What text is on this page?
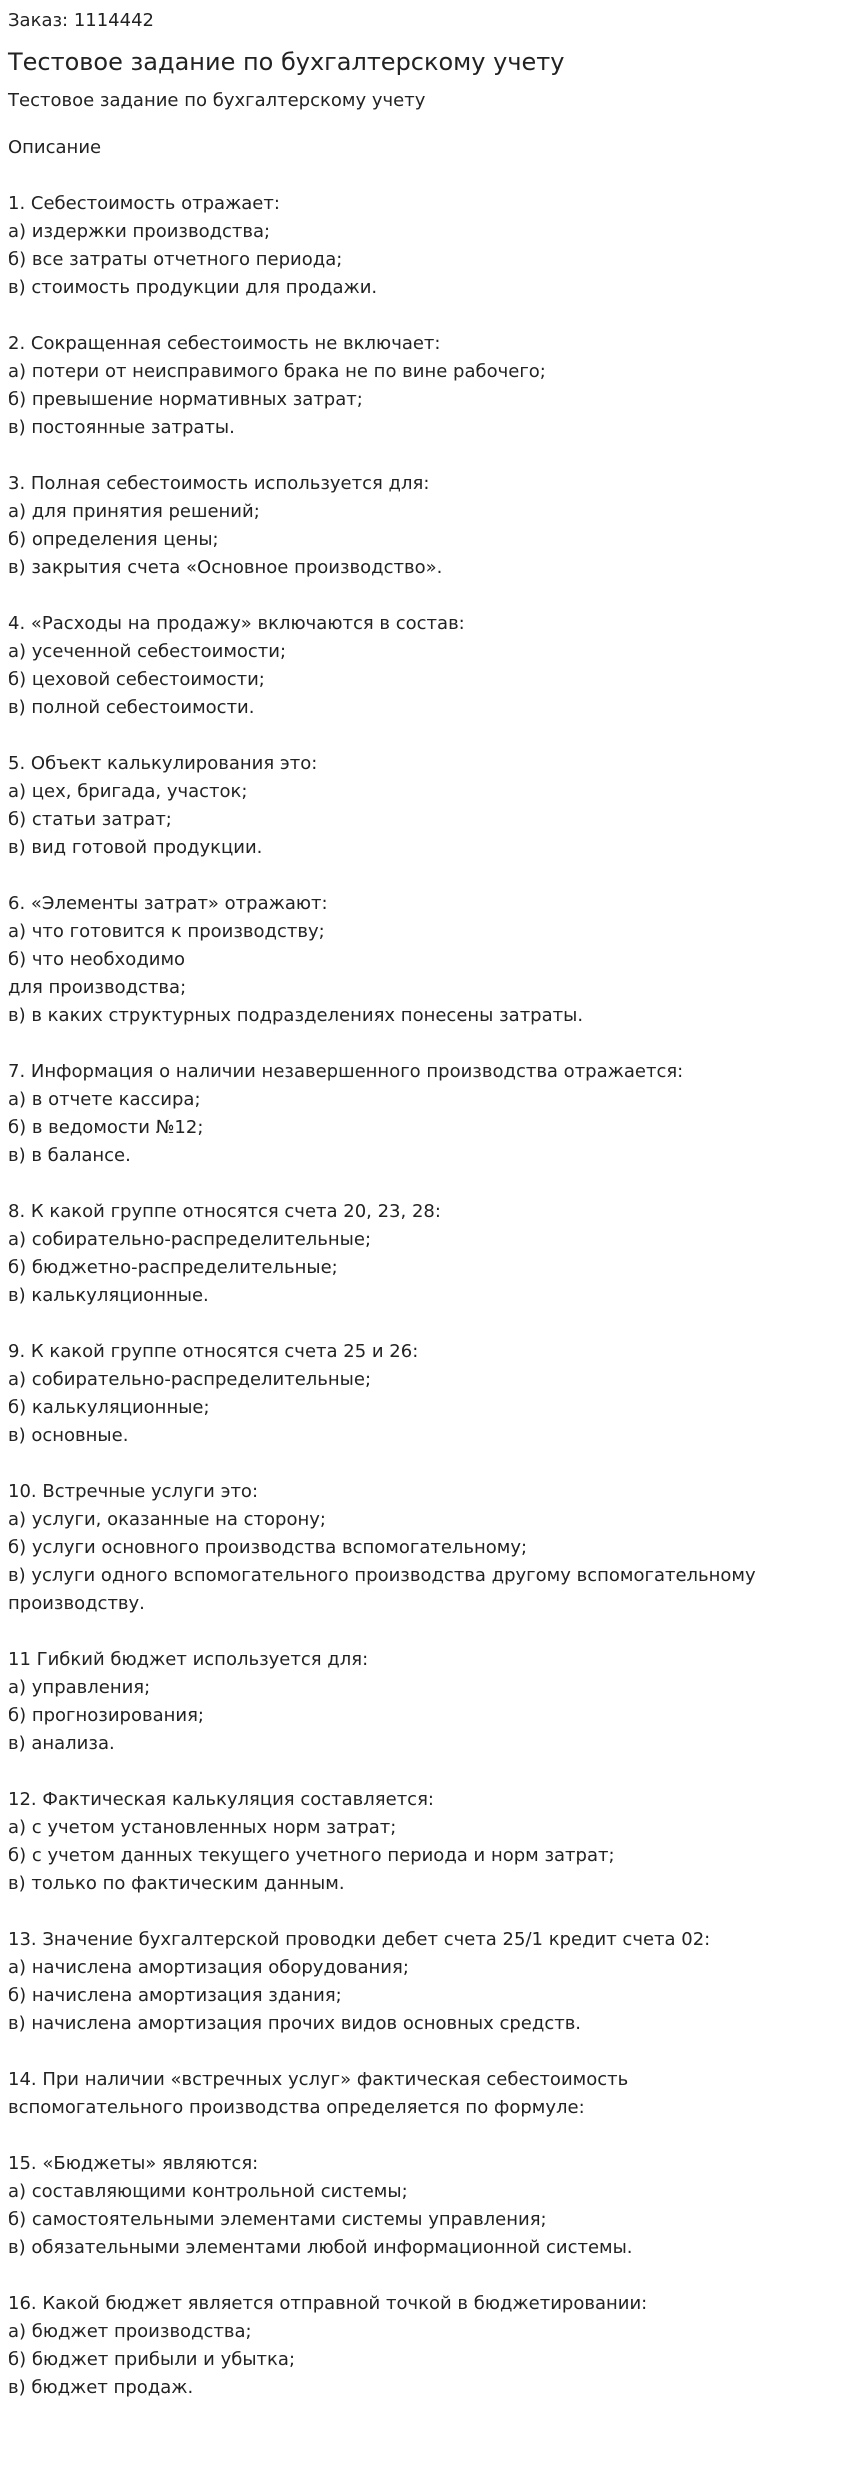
Заказ: 1114442

Тестовое задание по бухгалтерскому учету

Тестовое задание по бухгалтерскому учету

Описание

1. Себестоимость отражает:
а) издержки производства;
б) все затраты отчетного периода;
в) стоимость продукции для продажи.
2. Сокращенная себестоимость не включает:
а) потери от неисправимого брака не по вине рабочего;
б) превышение нормативных затрат;
в) постоянные затраты.
3. Полная себестоимость используется для:
а) для принятия решений;
б) определения цены;
в) закрытия счета «Основное производство».
4. «Расходы на продажу» включаются в состав:
а) усеченной себестоимости;
б) цеховой себестоимости;
в) полной себестоимости.
5. Объект калькулирования это:
а) цех, бригада, участок;
б) статьи затрат;
в) вид готовой продукции.
6. «Элементы затрат» отражают:
а) что готовится к производству;
б) что необходимо
для производства;
в) в каких структурных подразделениях понесены затраты.
7. Информация о наличии незавершенного производства отражается:
а) в отчете кассира;
б) в ведомости №12;
в) в балансе.
8. К какой группе относятся счета 20, 23, 28:
а) собирательно-распределительные;
б) бюджетно-распределительные;
в) калькуляционные.
9. К какой группе относятся счета 25 и 26:
а) собирательно-распределительные;
б) калькуляционные;
в) основные.
10. Встречные услуги это:
а) услуги, оказанные на сторону;
б) услуги основного производства вспомогательному;
в) услуги одного вспомогательного производства другому вспомогательному
производству.
11 Гибкий бюджет используется для:
а) управления;
б) прогнозирования;
в) анализа.
12. Фактическая калькуляция составляется:
а) с учетом установленных норм затрат;
б) с учетом данных текущего учетного периода и норм затрат;
в) только по фактическим данным.
13. Значение бухгалтерской проводки дебет счета 25/1 кредит счета 02:
а) начислена амортизация оборудования;
б) начислена амортизация здания;
в) начислена амортизация прочих видов основных средств.
14. При наличии «встречных услуг» фактическая себестоимость
вспомогательного производства определяется по формуле:
15. «Бюджеты» являются:
а) составляющими контрольной системы;
б) самостоятельными элементами системы управления;
в) обязательными элементами любой информационной системы.
16. Какой бюджет является отправной точкой в бюджетировании:
а) бюджет производства;
б) бюджет прибыли и убытка;
в) бюджет продаж.
